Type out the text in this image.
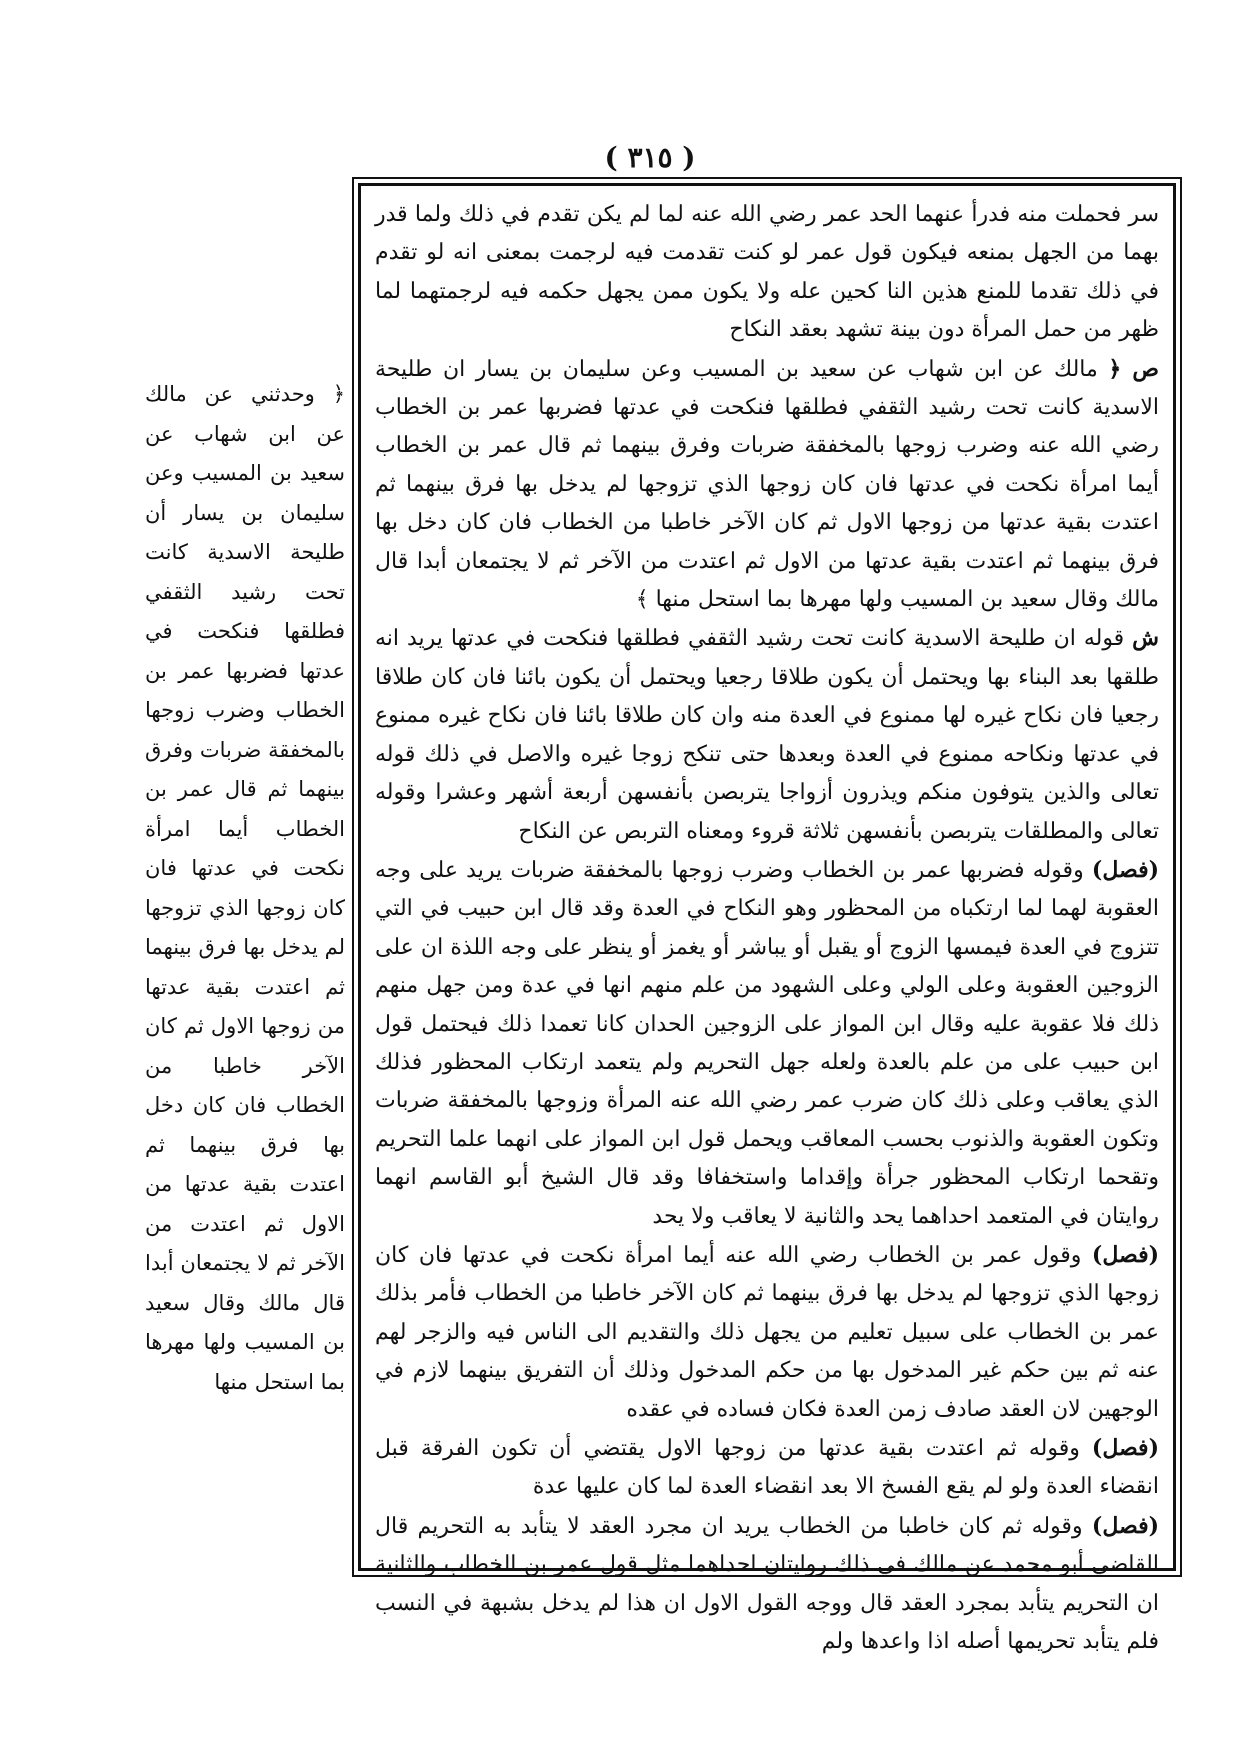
( ٣١٥ )

سر فحملت منه فدرأ عنهما الحد عمر رضي الله عنه لما لم يكن تقدم في ذلك ولما قدر بهما من الجهل بمنعه فيكون قول عمر لو كنت تقدمت فيه لرجمت بمعنى انه لو تقدم في ذلك تقدما للمنع هذين النا كحين عله ولا يكون ممن يجهل حكمه فيه لرجمتهما لما ظهر من حمل المرأة دون بينة تشهد بعقد النكاح

ص ﴿ مالك عن ابن شهاب عن سعيد بن المسيب وعن سليمان بن يسار ان طليحة الاسدية كانت تحت رشيد الثقفي فطلقها فنكحت في عدتها فضربها عمر بن الخطاب رضي الله عنه وضرب زوجها بالمخفقة ضربات وفرق بينهما ثم قال عمر بن الخطاب أيما امرأة نكحت في عدتها فان كان زوجها الذي تزوجها لم يدخل بها فرق بينهما ثم اعتدت بقية عدتها من زوجها الاول ثم كان الآخر خاطبا من الخطاب فان كان دخل بها فرق بينهما ثم اعتدت بقية عدتها من الاول ثم اعتدت من الآخر ثم لا يجتمعان أبدا قال مالك وقال سعيد بن المسيب ولها مهرها بما استحل منها ﴾

ش قوله ان طليحة الاسدية كانت تحت رشيد الثقفي فطلقها فنكحت في عدتها يريد انه طلقها بعد البناء بها ويحتمل أن يكون طلاقا رجعيا ويحتمل أن يكون بائنا فان كان طلاقا رجعيا فان نكاح غيره لها ممنوع في العدة منه وان كان طلاقا بائنا فان نكاح غيره ممنوع في عدتها ونكاحه ممنوع في العدة وبعدها حتى تنكح زوجا غيره والاصل في ذلك قوله تعالى والذين يتوفون منكم ويذرون أزواجا يتربصن بأنفسهن أربعة أشهر وعشرا وقوله تعالى والمطلقات يتربصن بأنفسهن ثلاثة قروء ومعناه التربص عن النكاح

(فصل) وقوله فضربها عمر بن الخطاب وضرب زوجها بالمخفقة ضربات يريد على وجه العقوبة لهما لما ارتكباه من المحظور وهو النكاح في العدة وقد قال ابن حبيب في التي تتزوج في العدة فيمسها الزوج أو يقبل أو يباشر أو يغمز أو ينظر على وجه اللذة ان على الزوجين العقوبة وعلى الولي وعلى الشهود من علم منهم انها في عدة ومن جهل منهم ذلك فلا عقوبة عليه وقال ابن المواز على الزوجين الحدان كانا تعمدا ذلك فيحتمل قول ابن حبيب على من علم بالعدة ولعله جهل التحريم ولم يتعمد ارتكاب المحظور فذلك الذي يعاقب وعلى ذلك كان ضرب عمر رضي الله عنه المرأة وزوجها بالمخفقة ضربات وتكون العقوبة والذنوب بحسب المعاقب ويحمل قول ابن المواز على انهما علما التحريم وتقحما ارتكاب المحظور جرأة وإقداما واستخفافا وقد قال الشيخ أبو القاسم انهما روايتان في المتعمد احداهما يحد والثانية لا يعاقب ولا يحد

(فصل) وقول عمر بن الخطاب رضي الله عنه أيما امرأة نكحت في عدتها فان كان زوجها الذي تزوجها لم يدخل بها فرق بينهما ثم كان الآخر خاطبا من الخطاب فأمر بذلك عمر بن الخطاب على سبيل تعليم من يجهل ذلك والتقديم الى الناس فيه والزجر لهم عنه ثم بين حكم غير المدخول بها من حكم المدخول وذلك أن التفريق بينهما لازم في الوجهين لان العقد صادف زمن العدة فكان فساده في عقده

(فصل) وقوله ثم اعتدت بقية عدتها من زوجها الاول يقتضي أن تكون الفرقة قبل انقضاء العدة ولو لم يقع الفسخ الا بعد انقضاء العدة لما كان عليها عدة

(فصل) وقوله ثم كان خاطبا من الخطاب يريد ان مجرد العقد لا يتأبد به التحريم قال القاضي أبو محمد عن مالك في ذلك روايتان احداهما مثل قول عمر بن الخطاب والثانية ان التحريم يتأبد بمجرد العقد قال ووجه القول الاول ان هذا لم يدخل بشبهة في النسب فلم يتأبد تحريمها أصله اذا واعدها ولم

﴿ وحدثني عن مالك عن ابن شهاب عن سعيد بن المسيب وعن سليمان بن يسار أن طليحة الاسدية كانت تحت رشيد الثقفي فطلقها فنكحت في عدتها فضربها عمر بن الخطاب وضرب زوجها بالمخفقة ضربات وفرق بينهما ثم قال عمر بن الخطاب أيما امرأة نكحت في عدتها فان كان زوجها الذي تزوجها لم يدخل بها فرق بينهما ثم اعتدت بقية عدتها من زوجها الاول ثم كان الآخر خاطبا من الخطاب فان كان دخل بها فرق بينهما ثم اعتدت بقية عدتها من الاول ثم اعتدت من الآخر ثم لا يجتمعان أبدا قال مالك وقال سعيد بن المسيب ولها مهرها بما استحل منها
